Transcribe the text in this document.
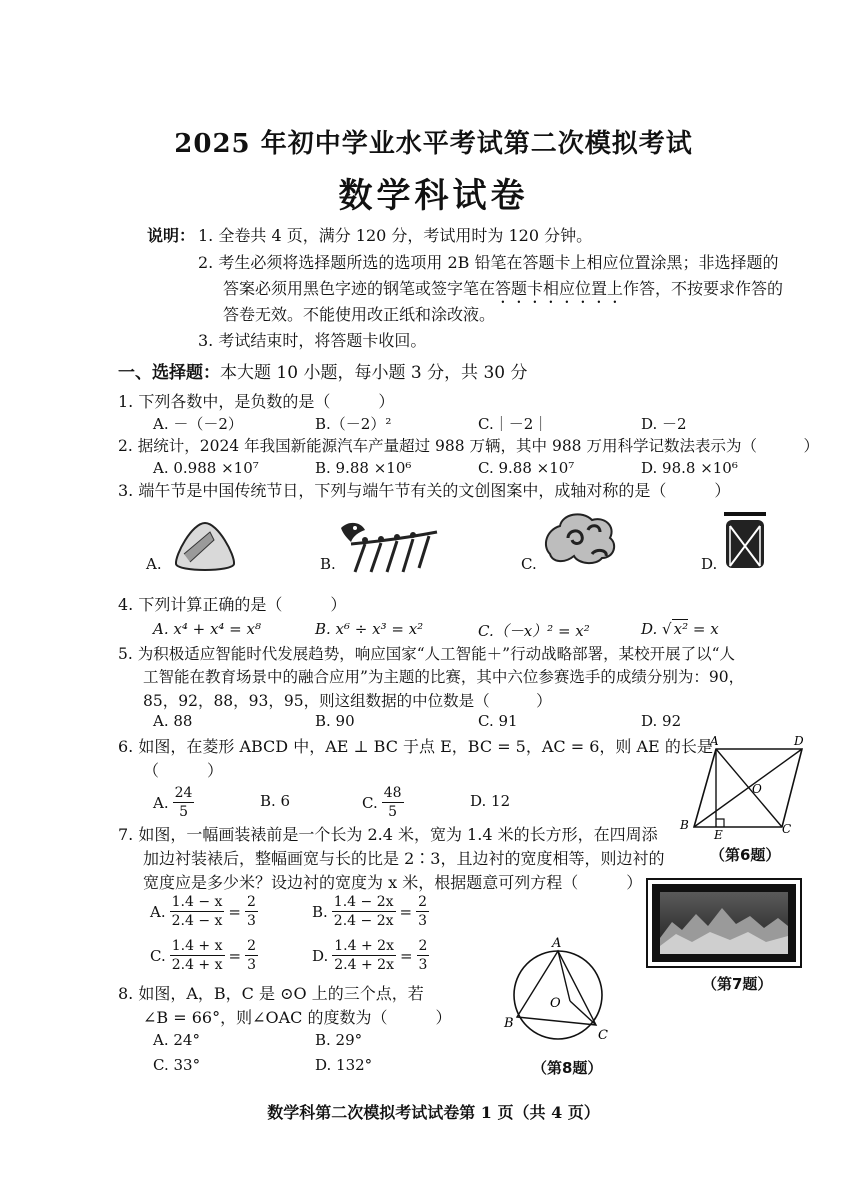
2025 年初中学业水平考试第二次模拟考试
数学科试卷
说明： 1. 全卷共 4 页，满分 120 分，考试用时为 120 分钟。
2. 考生必须将选择题所选的选项用 2B 铅笔在答题卡上相应位置涂黑；非选择题的
答案必须用黑色字迹的钢笔或签字笔在答题卡相应位置上作答，不按要求作答的
答卷无效。不能使用改正纸和涂改液。
3. 考试结束时，将答题卡收回。
一、选择题：本大题 10 小题，每小题 3 分，共 30 分
1. 下列各数中，是负数的是（　　　）
A. －（－2）	B.（－2）²	C.｜－2｜	D. －2
2. 据统计，2024 年我国新能源汽车产量超过 988 万辆，其中 988 万用科学记数法表示为（　　　）
A. 0.988 ×10⁷	B. 9.88 ×10⁶	C. 9.88 ×10⁷	D. 98.8 ×10⁶
3. 端午节是中国传统节日，下列与端午节有关的文创图案中，成轴对称的是（　　　）
A.	B.	C.	D.
4. 下列计算正确的是（　　　）
A. x⁴ + x⁴ = x⁸	B. x⁶ ÷ x³ = x²	C.（－x）² = x²	D. √ x² = x
5. 为积极适应智能时代发展趋势，响应国家“人工智能＋”行动战略部署，某校开展了以“人
工智能在教育场景中的融合应用”为主题的比赛，其中六位参赛选手的成绩分别为：90，
85，92，88，93，95，则这组数据的中位数是（　　　）
A. 88	B. 90	C. 91	D. 92
6. 如图，在菱形 ABCD 中，AE ⊥ BC 于点 E，BC = 5，AC = 6，则 AE 的长是
（　　　）
A. $\frac{24}{5}$	B. 6	C. $\frac{48}{5}$	D. 12
A	D
B	C
E
O
（第6题）
7. 如图，一幅画装裱前是一个长为 2.4 米，宽为 1.4 米的长方形，在四周添
加边衬装裱后，整幅画宽与长的比是 2∶3，且边衬的宽度相等，则边衬的
宽度应是多少米？设边衬的宽度为 x 米，根据题意可列方程（　　　）
A. $\frac{1.4 - x}{2.4 - x} = \frac{2}{3}$	B. $\frac{1.4 - 2x}{2.4 - 2x} = \frac{2}{3}$
C. $\frac{1.4 + x}{2.4 + x} = \frac{2}{3}$	D. $\frac{1.4 + 2x}{2.4 + 2x} = \frac{2}{3}$
（第7题）
8. 如图，A，B，C 是 ⊙O 上的三个点，若
∠B = 66°，则∠OAC 的度数为（　　　）
A. 24°	B. 29°
C. 33°	D. 132°
A
B
C
O
（第8题）
数学科第二次模拟考试试卷第 1 页（共 4 页）
